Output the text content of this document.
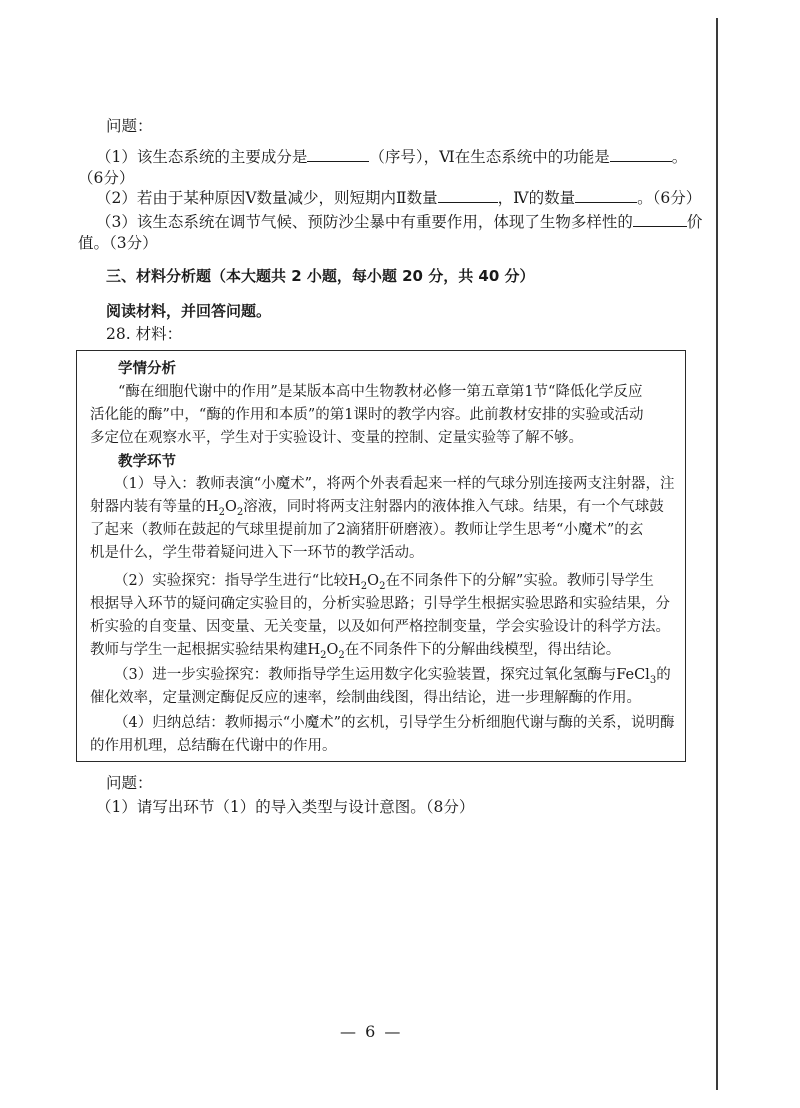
问题：
（1）该生态系统的主要成分是	（序号），Ⅵ在生态系统中的功能是	。
（6分）
（2）若由于某种原因Ⅴ数量减少，则短期内Ⅱ数量	，Ⅳ的数量	。（6分）
（3）该生态系统在调节气候、预防沙尘暴中有重要作用，体现了生物多样性的	价
值。（3分）
三、材料分析题（本大题共 2 小题，每小题 20 分，共 40 分）
阅读材料，并回答问题。
28. 材料：
学情分析
“酶在细胞代谢中的作用”是某版本高中生物教材必修一第五章第1节“降低化学反应
活化能的酶”中，“酶的作用和本质”的第1课时的教学内容。此前教材安排的实验或活动
多定位在观察水平，学生对于实验设计、变量的控制、定量实验等了解不够。
教学环节
（1）导入：教师表演“小魔术”，将两个外表看起来一样的气球分别连接两支注射器，注
射器内装有等量的$H_2O_2$溶液，同时将两支注射器内的液体推入气球。结果，有一个气球鼓
了起来（教师在鼓起的气球里提前加了2滴猪肝研磨液）。教师让学生思考“小魔术”的玄
机是什么，学生带着疑问进入下一环节的教学活动。
（2）实验探究：指导学生进行“比较$H_2O_2$在不同条件下的分解”实验。教师引导学生
根据导入环节的疑问确定实验目的，分析实验思路；引导学生根据实验思路和实验结果，分
析实验的自变量、因变量、无关变量，以及如何严格控制变量，学会实验设计的科学方法。
教师与学生一起根据实验结果构建$H_2O_2$在不同条件下的分解曲线模型，得出结论。
（3）进一步实验探究：教师指导学生运用数字化实验装置，探究过氧化氢酶与FeCl$_3$的
催化效率，定量测定酶促反应的速率，绘制曲线图，得出结论，进一步理解酶的作用。
（4）归纳总结：教师揭示“小魔术”的玄机，引导学生分析细胞代谢与酶的关系，说明酶
的作用机理，总结酶在代谢中的作用。
问题：
（1）请写出环节（1）的导入类型与设计意图。（8分）
— 6 —
